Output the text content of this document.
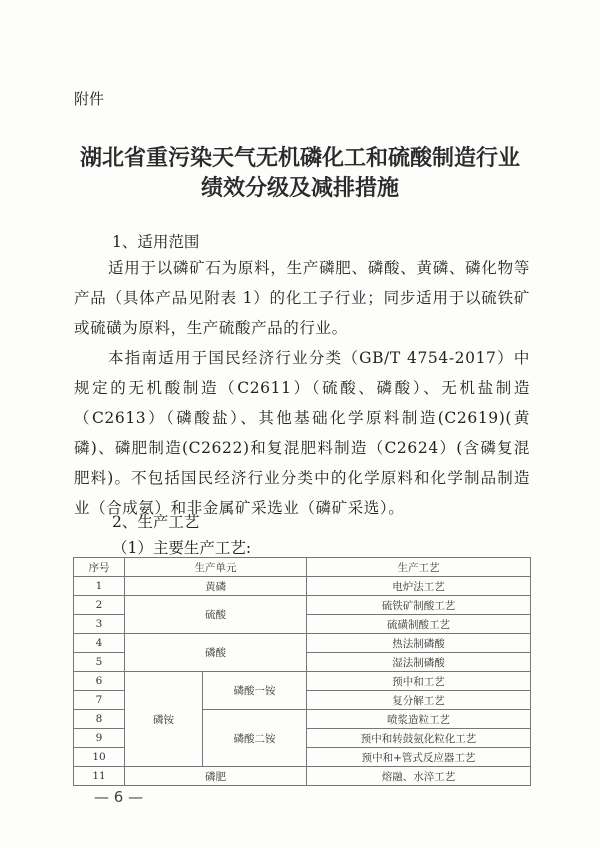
附件
湖北省重污染天气无机磷化工和硫酸制造行业
绩效分级及减排措施
1、适用范围
适用于以磷矿石为原料，生产磷肥、磷酸、黄磷、磷化物等产品（具体产品见附表 1）的化工子行业；同步适用于以硫铁矿或硫磺为原料，生产硫酸产品的行业。
本指南适用于国民经济行业分类（GB/T 4754-2017）中规定的无机酸制造（C2611）（硫酸、磷酸）、无机盐制造（C2613）（磷酸盐）、其他基础化学原料制造(C2619)(黄磷)、磷肥制造(C2622)和复混肥料制造（C2624）(含磷复混肥料)。不包括国民经济行业分类中的化学原料和化学制品制造业（合成氨）和非金属矿采选业（磷矿采选）。
2、生产工艺
（1）主要生产工艺:
序号	生产单元		生产工艺
1	黄磷		电炉法工艺
2	硫酸		硫铁矿制酸工艺
3			硫磺制酸工艺
4	磷酸		热法制磷酸
5			湿法制磷酸
6	磷铵	磷酸一铵	预中和工艺
7			复分解工艺
8		磷酸二铵	喷浆造粒工艺
9			预中和转鼓氨化粒化工艺
10			预中和+管式反应器工艺
11	磷肥		熔融、水淬工艺
— 6 —
